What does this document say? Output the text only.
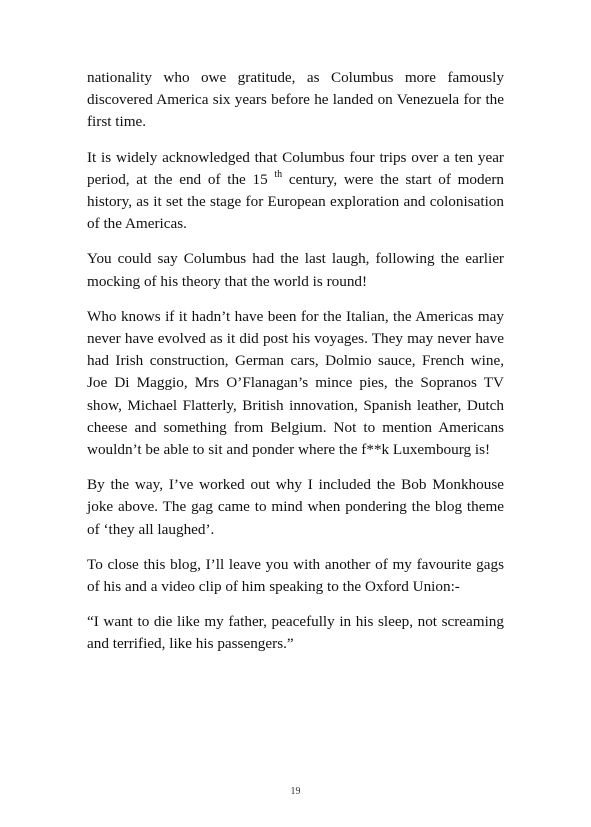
nationality who owe gratitude, as Columbus more famously discovered America six years before he landed on Venezuela for the first time.

It is widely acknowledged that Columbus four trips over a ten year period, at the end of the 15 $^{th}$ century, were the start of modern history, as it set the stage for European exploration and colonisation of the Americas.

You could say Columbus had the last laugh, following the earlier mocking of his theory that the world is round!

Who knows if it hadn’t have been for the Italian, the Americas may never have evolved as it did post his voyages. They may never have had Irish construction, German cars, Dolmio sauce, French wine, Joe Di Maggio, Mrs O’Flanagan’s mince pies, the Sopranos TV show, Michael Flatterly, British innovation, Spanish leather, Dutch cheese and something from Belgium. Not to mention Americans wouldn’t be able to sit and ponder where the f**k Luxembourg is!

By the way, I’ve worked out why I included the Bob Monkhouse joke above. The gag came to mind when pondering the blog theme of ‘they all laughed’.

To close this blog, I’ll leave you with another of my favourite gags of his and a video clip of him speaking to the Oxford Union:-

“I want to die like my father, peacefully in his sleep, not screaming and terrified, like his passengers.”

19
